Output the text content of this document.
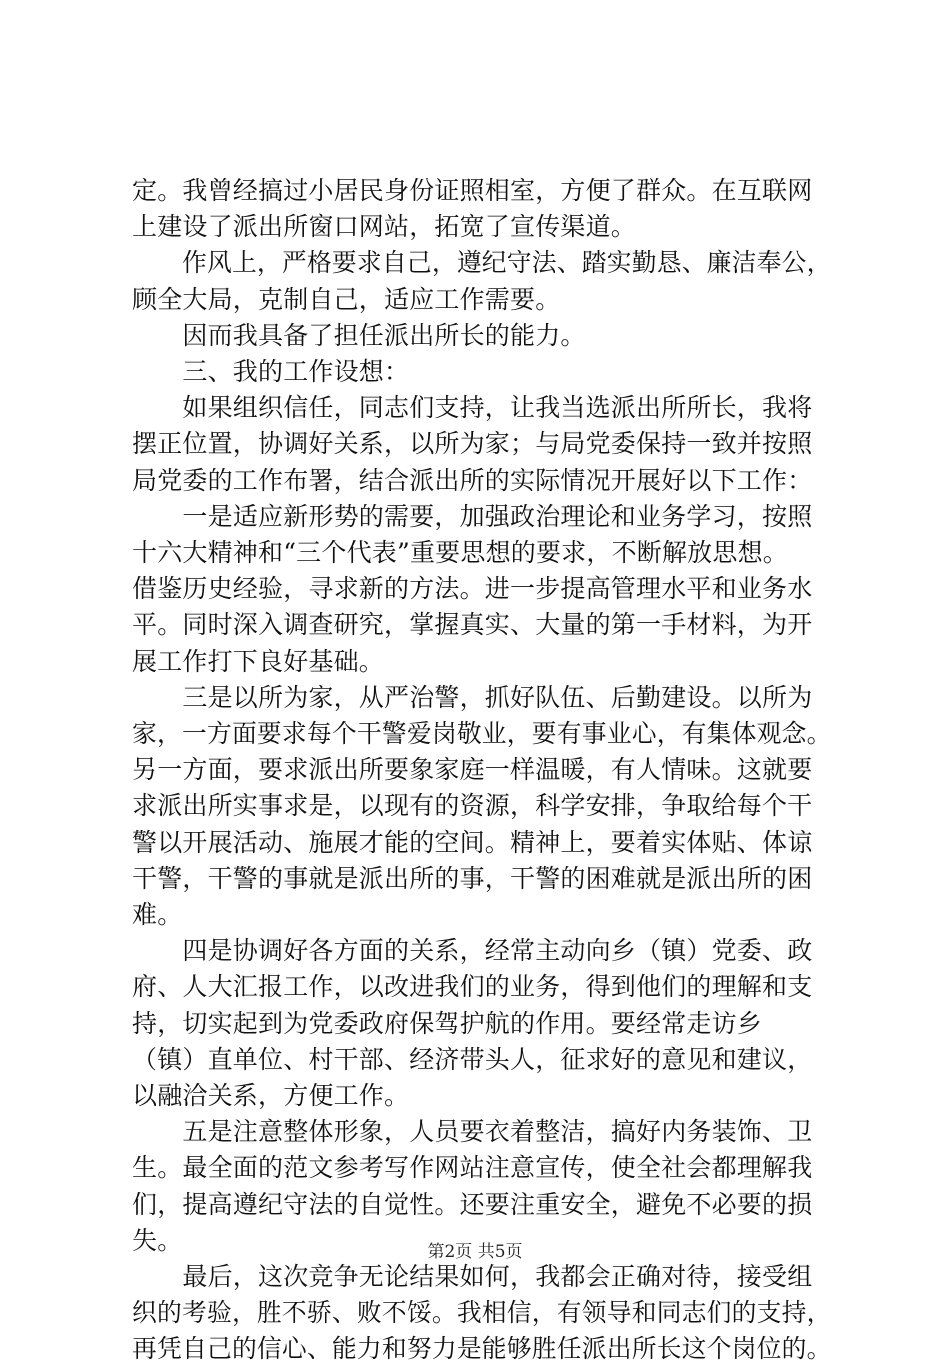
定。我曾经搞过小居民身份证照相室，方便了群众。在互联网
上建设了派出所窗口网站，拓宽了宣传渠道。
　　作风上，严格要求自己，遵纪守法、踏实勤恳、廉洁奉公，
顾全大局，克制自己，适应工作需要。
　　因而我具备了担任派出所长的能力。
　　三、我的工作设想：
　　如果组织信任，同志们支持，让我当选派出所所长，我将
摆正位置，协调好关系，以所为家；与局党委保持一致并按照
局党委的工作布署，结合派出所的实际情况开展好以下工作：
　　一是适应新形势的需要，加强政治理论和业务学习，按照
十六大精神和“三个代表”重要思想的要求，不断解放思想。
借鉴历史经验，寻求新的方法。进一步提高管理水平和业务水
平。同时深入调查研究，掌握真实、大量的第一手材料，为开
展工作打下良好基础。
　　三是以所为家，从严治警，抓好队伍、后勤建设。以所为
家，一方面要求每个干警爱岗敬业，要有事业心，有集体观念。
另一方面，要求派出所要象家庭一样温暖，有人情味。这就要
求派出所实事求是，以现有的资源，科学安排，争取给每个干
警以开展活动、施展才能的空间。精神上，要着实体贴、体谅
干警，干警的事就是派出所的事，干警的困难就是派出所的困
难。
　　四是协调好各方面的关系，经常主动向乡（镇）党委、政
府、人大汇报工作，以改进我们的业务，得到他们的理解和支
持，切实起到为党委政府保驾护航的作用。要经常走访乡
（镇）直单位、村干部、经济带头人，征求好的意见和建议，
以融洽关系，方便工作。
　　五是注意整体形象，人员要衣着整洁，搞好内务装饰、卫
生。最全面的范文参考写作网站注意宣传，使全社会都理解我
们，提高遵纪守法的自觉性。还要注重安全，避免不必要的损
失。
　　最后，这次竞争无论结果如何，我都会正确对待，接受组
织的考验，胜不骄、败不馁。我相信，有领导和同志们的支持，
再凭自己的信心、能力和努力是能够胜任派出所长这个岗位的。
第2页 共5页
